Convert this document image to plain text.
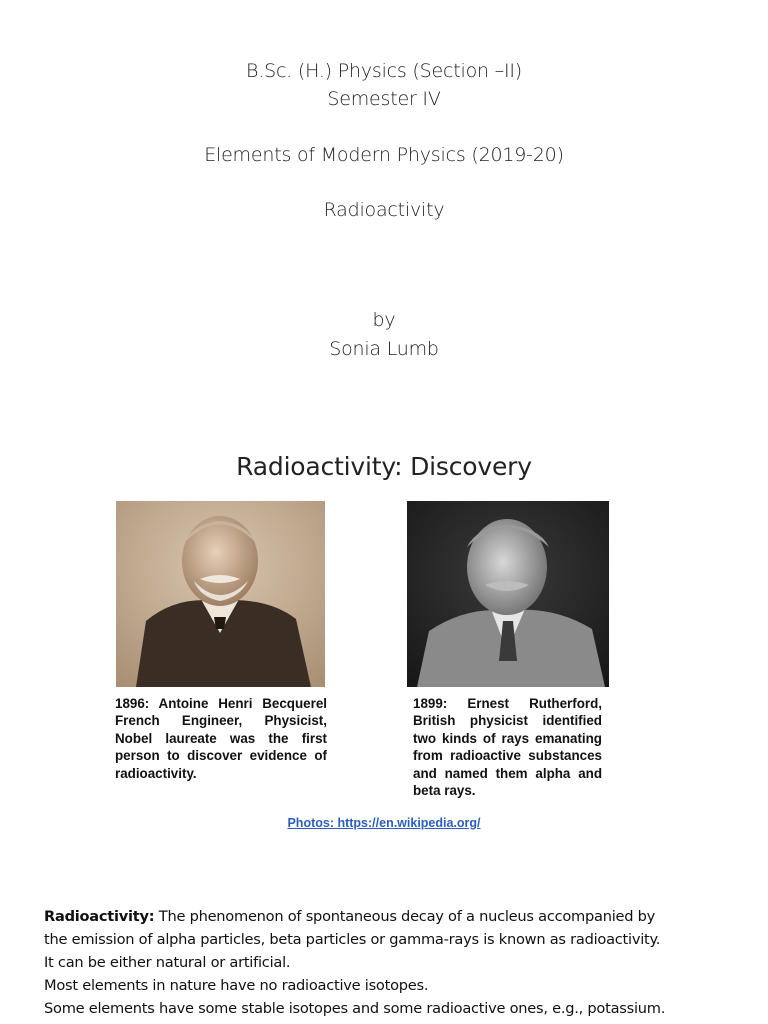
B.Sc. (H.) Physics (Section –II)
Semester IV
Elements of Modern Physics (2019-20)
Radioactivity
by
Sonia Lumb
Radioactivity: Discovery
1896: Antoine Henri Becquerel French Engineer, Physicist, Nobel laureate was the first person to discover evidence of radioactivity.
1899: Ernest Rutherford, British physicist identified two kinds of rays emanating from radioactive substances and named them alpha and beta rays.
Photos: https://en.wikipedia.org/

Radioactivity: The phenomenon of spontaneous decay of a nucleus accompanied by

the emission of alpha particles, beta particles or gamma-rays is known as radioactivity.

It can be either natural or artificial.

Most elements in nature have no radioactive isotopes.

Some elements have some stable isotopes and some radioactive ones, e.g., potassium.
